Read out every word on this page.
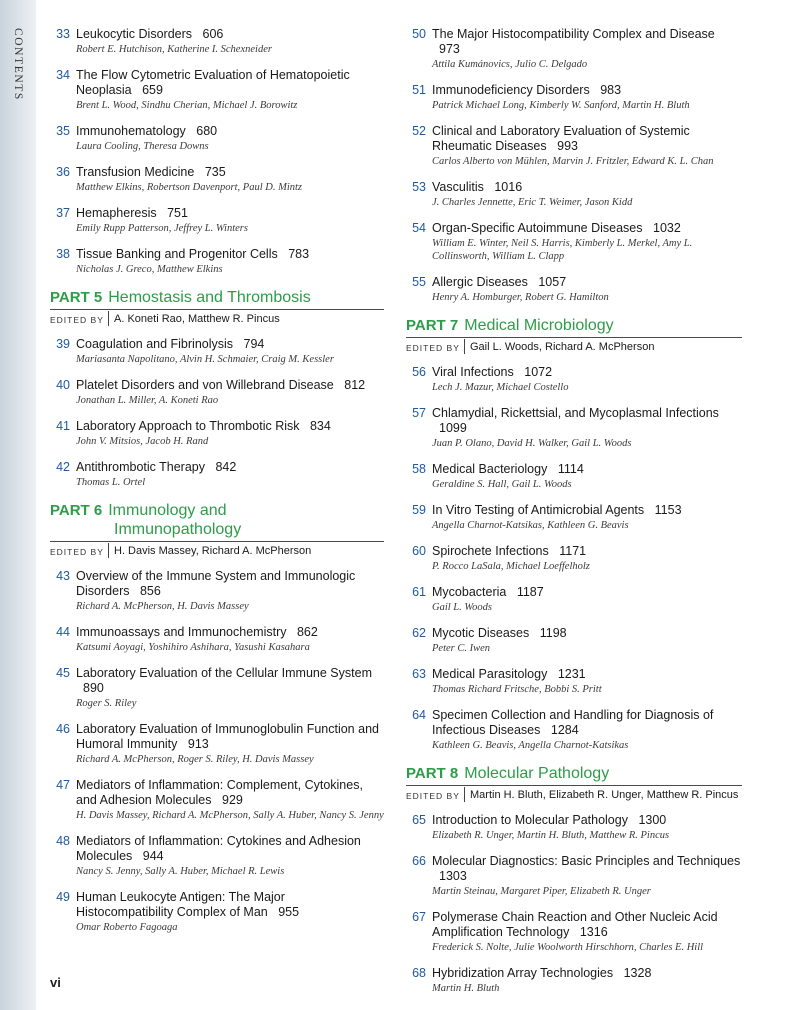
CONTENTS	33 Leukocytic Disorders 606
Robert E. Hutchison, Katherine I. Schexneider
34 The Flow Cytometric Evaluation of Hematopoietic Neoplasia 659
Brent L. Wood, Sindhu Cherian, Michael J. Borowitz
35 Immunohematology 680
Laura Cooling, Theresa Downs
36 Transfusion Medicine 735
Matthew Elkins, Robertson Davenport, Paul D. Mintz
37 Hemapheresis 751
Emily Rupp Patterson, Jeffrey L. Winters
38 Tissue Banking and Progenitor Cells 783
Nicholas J. Greco, Matthew Elkins
PART 5 Hemostasis and Thrombosis
EDITED BY A. Koneti Rao, Matthew R. Pincus
39 Coagulation and Fibrinolysis 794
Mariasanta Napolitano, Alvin H. Schmaier, Craig M. Kessler
40 Platelet Disorders and von Willebrand Disease 812
Jonathan L. Miller, A. Koneti Rao
41 Laboratory Approach to Thrombotic Risk 834
John V. Mitsios, Jacob H. Rand
42 Antithrombotic Therapy 842
Thomas L. Ortel
PART 6 Immunology and
Immunopathology
EDITED BY H. Davis Massey, Richard A. McPherson
43 Overview of the Immune System and Immunologic Disorders 856
Richard A. McPherson, H. Davis Massey
44 Immunoassays and Immunochemistry 862
Katsumi Aoyagi, Yoshihiro Ashihara, Yasushi Kasahara
45 Laboratory Evaluation of the Cellular Immune System 890
Roger S. Riley
46 Laboratory Evaluation of Immunoglobulin Function and Humoral Immunity 913
Richard A. McPherson, Roger S. Riley, H. Davis Massey
47 Mediators of Inflammation: Complement, Cytokines, and Adhesion Molecules 929
H. Davis Massey, Richard A. McPherson, Sally A. Huber, Nancy S. Jenny
48 Mediators of Inflammation: Cytokines and Adhesion Molecules 944
Nancy S. Jenny, Sally A. Huber, Michael R. Lewis
49 Human Leukocyte Antigen: The Major Histocompatibility Complex of Man 955
Omar Roberto Fagoaga
50 The Major Histocompatibility Complex and Disease 973
Attila Kumánovics, Julio C. Delgado
51 Immunodeficiency Disorders 983
Patrick Michael Long, Kimberly W. Sanford, Martin H. Bluth
52 Clinical and Laboratory Evaluation of Systemic Rheumatic Diseases 993
Carlos Alberto von Mühlen, Marvin J. Fritzler, Edward K. L. Chan
53 Vasculitis 1016
J. Charles Jennette, Eric T. Weimer, Jason Kidd
54 Organ-Specific Autoimmune Diseases 1032
William E. Winter, Neil S. Harris, Kimberly L. Merkel, Amy L. Collinsworth, William L. Clapp
55 Allergic Diseases 1057
Henry A. Homburger, Robert G. Hamilton
PART 7 Medical Microbiology
EDITED BY Gail L. Woods, Richard A. McPherson
56 Viral Infections 1072
Lech J. Mazur, Michael Costello
57 Chlamydial, Rickettsial, and Mycoplasmal Infections 1099
Juan P. Olano, David H. Walker, Gail L. Woods
58 Medical Bacteriology 1114
Geraldine S. Hall, Gail L. Woods
59 In Vitro Testing of Antimicrobial Agents 1153
Angella Charnot-Katsikas, Kathleen G. Beavis
60 Spirochete Infections 1171
P. Rocco LaSala, Michael Loeffelholz
61 Mycobacteria 1187
Gail L. Woods
62 Mycotic Diseases 1198
Peter C. Iwen
63 Medical Parasitology 1231
Thomas Richard Fritsche, Bobbi S. Pritt
64 Specimen Collection and Handling for Diagnosis of Infectious Diseases 1284
Kathleen G. Beavis, Angella Charnot-Katsikas
PART 8 Molecular Pathology
EDITED BY Martin H. Bluth, Elizabeth R. Unger, Matthew R. Pincus
65 Introduction to Molecular Pathology 1300
Elizabeth R. Unger, Martin H. Bluth, Matthew R. Pincus
66 Molecular Diagnostics: Basic Principles and Techniques 1303
Martin Steinau, Margaret Piper, Elizabeth R. Unger
67 Polymerase Chain Reaction and Other Nucleic Acid Amplification Technology 1316
Frederick S. Nolte, Julie Woolworth Hirschhorn, Charles E. Hill
68 Hybridization Array Technologies 1328
Martin H. Bluth
vi
